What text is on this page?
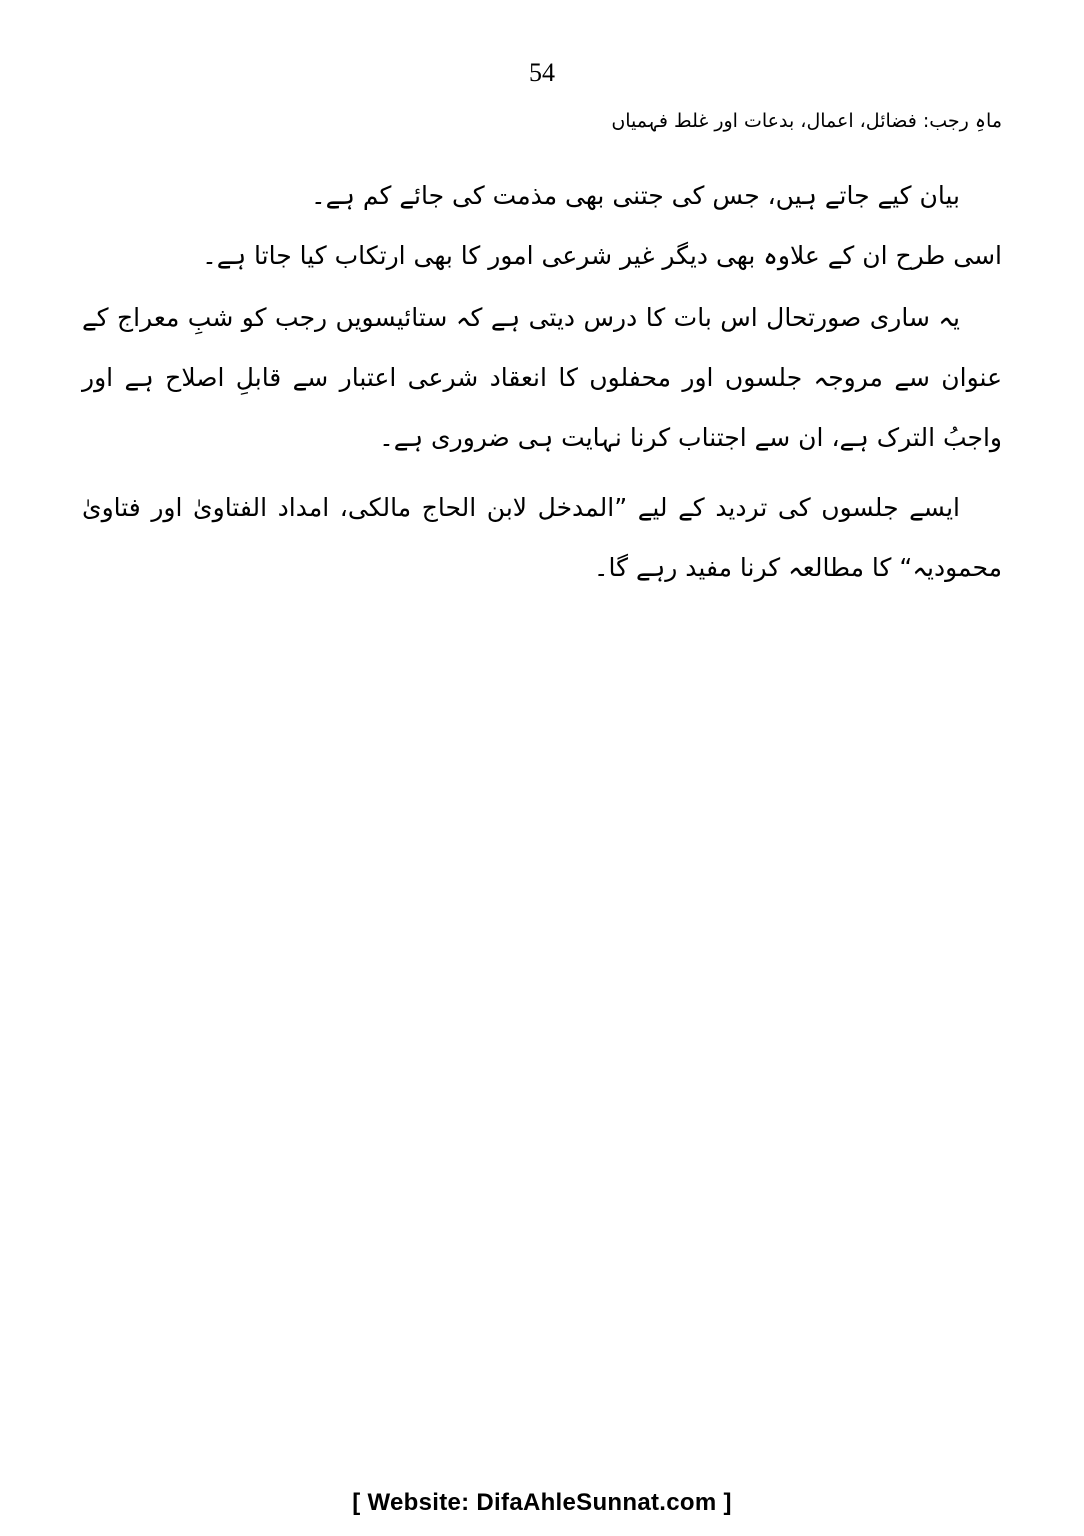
54
ماہِ رجب: فضائل، اعمال، بدعات اور غلط فہمیاں

بیان کیے جاتے ہیں، جس کی جتنی بھی مذمت کی جائے کم ہے۔

اسی طرح ان کے علاوہ بھی دیگر غیر شرعی امور کا بھی ارتکاب کیا جاتا ہے۔

یہ ساری صورتحال اس بات کا درس دیتی ہے کہ ستائیسویں رجب کو شبِ معراج کے عنوان سے مروجہ جلسوں اور محفلوں کا انعقاد شرعی اعتبار سے قابلِ اصلاح ہے اور واجبُ الترک ہے، ان سے اجتناب کرنا نہایت ہی ضروری ہے۔

ایسے جلسوں کی تردید کے لیے ”المدخل لابن الحاج مالکی، امداد الفتاویٰ اور فتاویٰ محمودیہ“ کا مطالعہ کرنا مفید رہے گا۔

[ Website: DifaAhleSunnat.com ]
